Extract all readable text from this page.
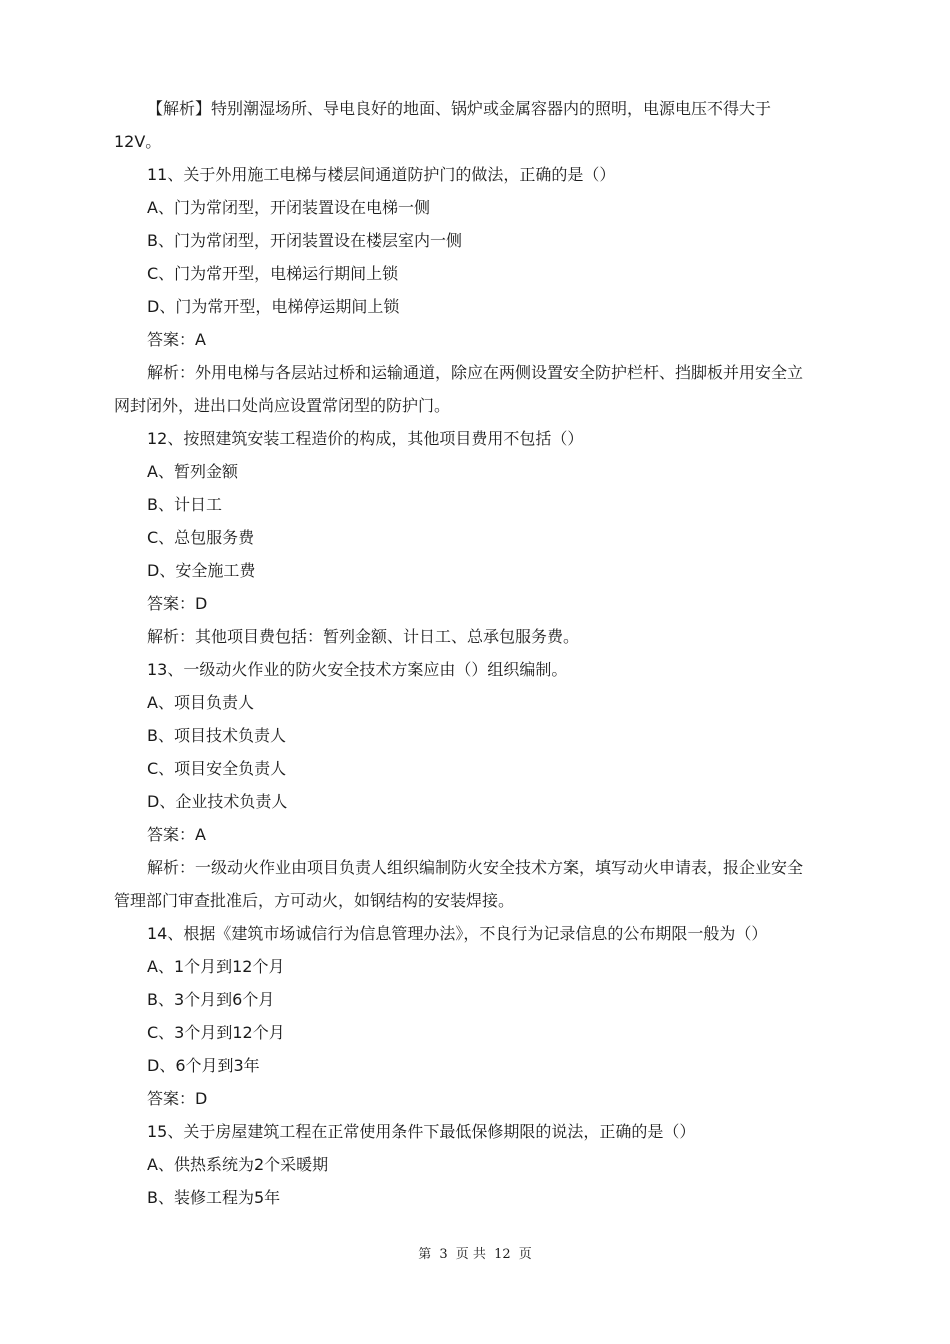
【解析】特别潮湿场所、导电良好的地面、锅炉或金属容器内的照明，电源电压不得大于

12V。

11、关于外用施工电梯与楼层间通道防护门的做法，正确的是（）

A、门为常闭型，开闭装置设在电梯一侧

B、门为常闭型，开闭装置设在楼层室内一侧

C、门为常开型，电梯运行期间上锁

D、门为常开型，电梯停运期间上锁

答案：A

解析：外用电梯与各层站过桥和运输通道，除应在两侧设置安全防护栏杆、挡脚板并用安全立

网封闭外，进出口处尚应设置常闭型的防护门。

12、按照建筑安装工程造价的构成，其他项目费用不包括（）

A、暂列金额

B、计日工

C、总包服务费

D、安全施工费

答案：D

解析：其他项目费包括：暂列金额、计日工、总承包服务费。

13、一级动火作业的防火安全技术方案应由（）组织编制。

A、项目负责人

B、项目技术负责人

C、项目安全负责人

D、企业技术负责人

答案：A

解析：一级动火作业由项目负责人组织编制防火安全技术方案，填写动火申请表，报企业安全

管理部门审查批准后，方可动火，如钢结构的安装焊接。

14、根据《建筑市场诚信行为信息管理办法》，不良行为记录信息的公布期限一般为（）

A、1个月到12个月

B、3个月到6个月

C、3个月到12个月

D、6个月到3年

答案：D

15、关于房屋建筑工程在正常使用条件下最低保修期限的说法，正确的是（）

A、供热系统为2个采暖期

B、装修工程为5年

第 3 页 共 12 页
